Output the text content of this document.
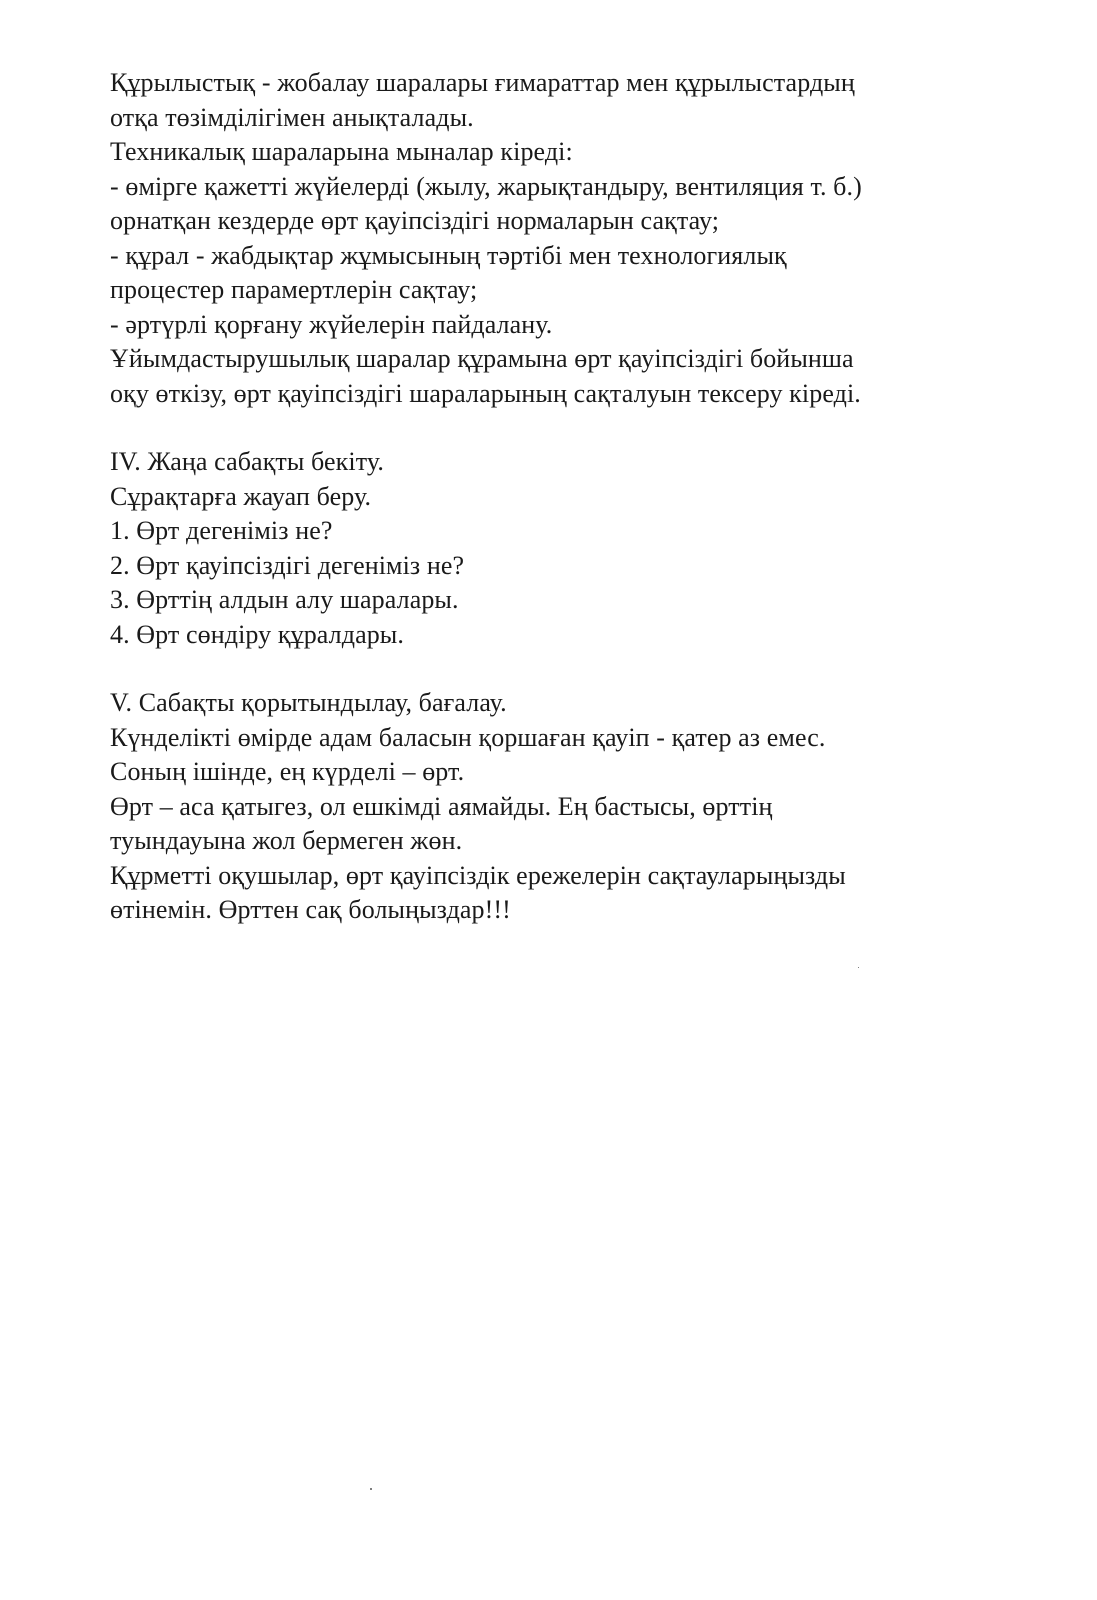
Құрылыстық - жобалау шаралары ғимараттар мен құрылыстардың
отқа төзімділігімен анықталады.
Техникалық шараларына мыналар кіреді:
- өмірге қажетті жүйелерді (жылу, жарықтандыру, вентиляция т. б.)
орнатқан кездерде өрт қауіпсіздігі нормаларын сақтау;
- құрал - жабдықтар жұмысының тәртібі мен технологиялық
процестер парамертлерін сақтау;
- әртүрлі қорғану жүйелерін пайдалану.
Ұйымдастырушылық шаралар құрамына өрт қауіпсіздігі бойынша
оқу өткізу, өрт қауіпсіздігі шараларының сақталуын тексеру кіреді.
IV. Жаңа сабақты бекіту.
Сұрақтарға жауап беру.
1. Өрт дегеніміз не?
2. Өрт қауіпсіздігі дегеніміз не?
3. Өрттің алдын алу шаралары.
4. Өрт сөндіру құралдары.
V. Сабақты қорытындылау, бағалау.
Күнделікті өмірде адам баласын қоршаған қауіп - қатер аз емес.
Соның ішінде, ең күрделі – өрт.
Өрт – аса қатыгез, ол ешкімді аямайды. Ең бастысы, өрттің
туындауына жол бермеген жөн.
Құрметті оқушылар, өрт қауіпсіздік ережелерін сақтауларыңызды
өтінемін. Өрттен сақ болыңыздар!!!
